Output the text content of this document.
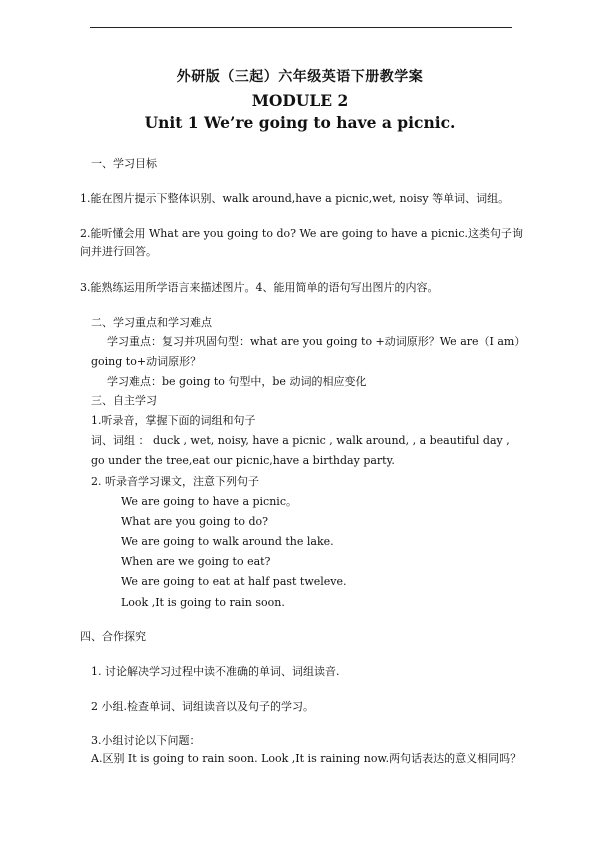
外研版（三起）六年级英语下册教学案
MODULE 2
Unit 1 We’re going to have a picnic.
一、学习目标
1.能在图片提示下整体识别、walk around,have a picnic,wet, noisy 等单词、词组。
2.能听懂会用 What are you going to do? We are going to have a picnic.这类句子询
问并进行回答。
3.能熟练运用所学语言来描述图片。4、能用简单的语句写出图片的内容。
二、学习重点和学习难点
学习重点：复习并巩固句型：what are you going to +动词原形？We are（I am）
going to+动词原形？
学习难点：be going to 句型中，be 动词的相应变化
三、自主学习
1.听录音，掌握下面的词组和句子
词、词组 ： duck , wet, noisy, have a picnic , walk around, , a beautiful day ,
go under the tree,eat our picnic,have a birthday party.
2. 听录音学习课文，注意下列句子
We are going to have a picnic。
What are you going to do?
We are going to walk around the lake.
When are we going to eat?
We are going to eat at half past tweleve.
Look ,It is going to rain soon.
四、合作探究
1. 讨论解决学习过程中读不准确的单词、词组读音.
2 小组.检查单词、词组读音以及句子的学习。
3.小组讨论以下问题：
A.区别 It is going to rain soon. Look ,It is raining now.两句话表达的意义相同吗？
